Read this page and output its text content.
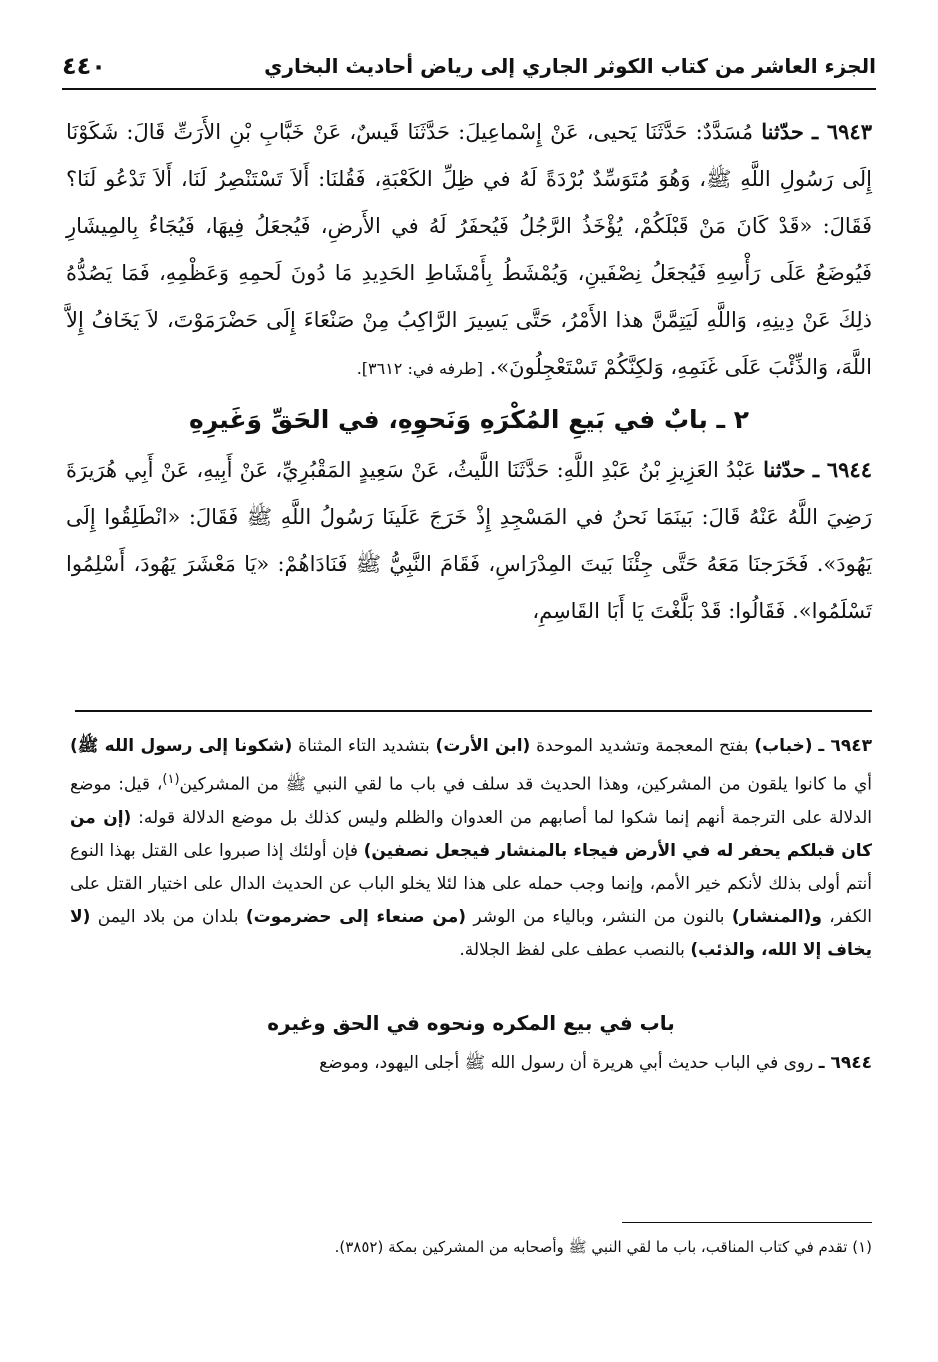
الجزء العاشر من كتاب الكوثر الجاري إلى رياض أحاديث البخاري
٤٤٠

٦٩٤٣ ـ حدّثنا مُسَدَّدٌ: حَدَّثَنَا يَحيى، عَنْ إِسْماعِيلَ: حَدَّثَنَا قَيسٌ، عَنْ خَبَّابِ بْنِ الأَرَتِّ قَالَ: شَكَوْنَا إِلَى رَسُولِ اللَّهِ ﷺ، وَهُوَ مُتَوَسِّدٌ بُرْدَةً لَهُ في ظِلِّ الكَعْبَةِ، فَقُلنَا: أَلاَ تَسْتَنْصِرُ لَنَا، أَلاَ تَدْعُو لَنَا؟ فَقَالَ: «قَدْ كَانَ مَنْ قَبْلَكُمْ، يُؤْخَذُ الرَّجُلُ فَيُحفَرُ لَهُ في الأَرضِ، فَيُجعَلُ فِيهَا، فَيُجَاءُ بِالمِيشَارِ فَيُوضَعُ عَلَى رَأْسِهِ فَيُجعَلُ نِصْفَينِ، وَيُمْشَطُ بِأَمْشَاطِ الحَدِيدِ مَا دُونَ لَحمِهِ وَعَظْمِهِ، فَمَا يَصُدُّهُ ذلِكَ عَنْ دِينِهِ، وَاللَّهِ لَيَتِمَّنَّ هذا الأَمْرُ، حَتَّى يَسِيرَ الرَّاكِبُ مِنْ صَنْعَاءَ إِلَى حَضْرَمَوْتَ، لاَ يَخَافُ إِلاَّ اللَّهَ، وَالذِّئْبَ عَلَى غَنَمِهِ، وَلكِنَّكُمْ تَسْتَعْجِلُونَ». [طرفه في: ٣٦١٢].

٢ ـ بابٌ في بَيعِ المُكْرَهِ وَنَحوِهِ، في الحَقِّ وَغَيرِهِ

٦٩٤٤ ـ حدّثنا عَبْدُ العَزِيزِ بْنُ عَبْدِ اللَّهِ: حَدَّثَنَا اللَّيثُ، عَنْ سَعِيدٍ المَقْبُرِيِّ، عَنْ أَبِيهِ، عَنْ أَبِي هُرَيرَةَ رَضِيَ اللَّهُ عَنْهُ قَالَ: بَينَمَا نَحنُ في المَسْجِدِ إِذْ خَرَجَ عَلَينَا رَسُولُ اللَّهِ ﷺ فَقَالَ: «انْطَلِقُوا إِلَى يَهُودَ». فَخَرَجنَا مَعَهُ حَتَّى جِئْنَا بَيتَ المِدْرَاسِ، فَقَامَ النَّبِيُّ ﷺ فَنَادَاهُمْ: «يَا مَعْشَرَ يَهُودَ، أَسْلِمُوا تَسْلَمُوا». فَقَالُوا: قَدْ بَلَّغْتَ يَا أَبَا القَاسِمِ،

٦٩٤٣ ـ (خباب) بفتح المعجمة وتشديد الموحدة (ابن الأرت) بتشديد التاء المثناة (شكونا إلى رسول الله ﷺ) أي ما كانوا يلقون من المشركين، وهذا الحديث قد سلف في باب ما لقي النبي ﷺ من المشركين$^{(١)}$، قيل: موضع الدلالة على الترجمة أنهم إنما شكوا لما أصابهم من العدوان والظلم وليس كذلك بل موضع الدلالة قوله: (إن من كان قبلكم يحفر له في الأرض فيجاء بالمنشار فيجعل نصفين) فإن أولئك إذا صبروا على القتل بهذا النوع أنتم أولى بذلك لأنكم خير الأمم، وإنما وجب حمله على هذا لئلا يخلو الباب عن الحديث الدال على اختيار القتل على الكفر، و(المنشار) بالنون من النشر، وبالياء من الوشر (من صنعاء إلى حضرموت) بلدان من بلاد اليمن (لا يخاف إلا الله، والذئب) بالنصب عطف على لفظ الجلالة.

باب في بيع المكره ونحوه في الحق وغيره

٦٩٤٤ ـ روى في الباب حديث أبي هريرة أن رسول الله ﷺ أجلى اليهود، وموضع

(١) تقدم في كتاب المناقب، باب ما لقي النبي ﷺ وأصحابه من المشركين بمكة (٣٨٥٢).
